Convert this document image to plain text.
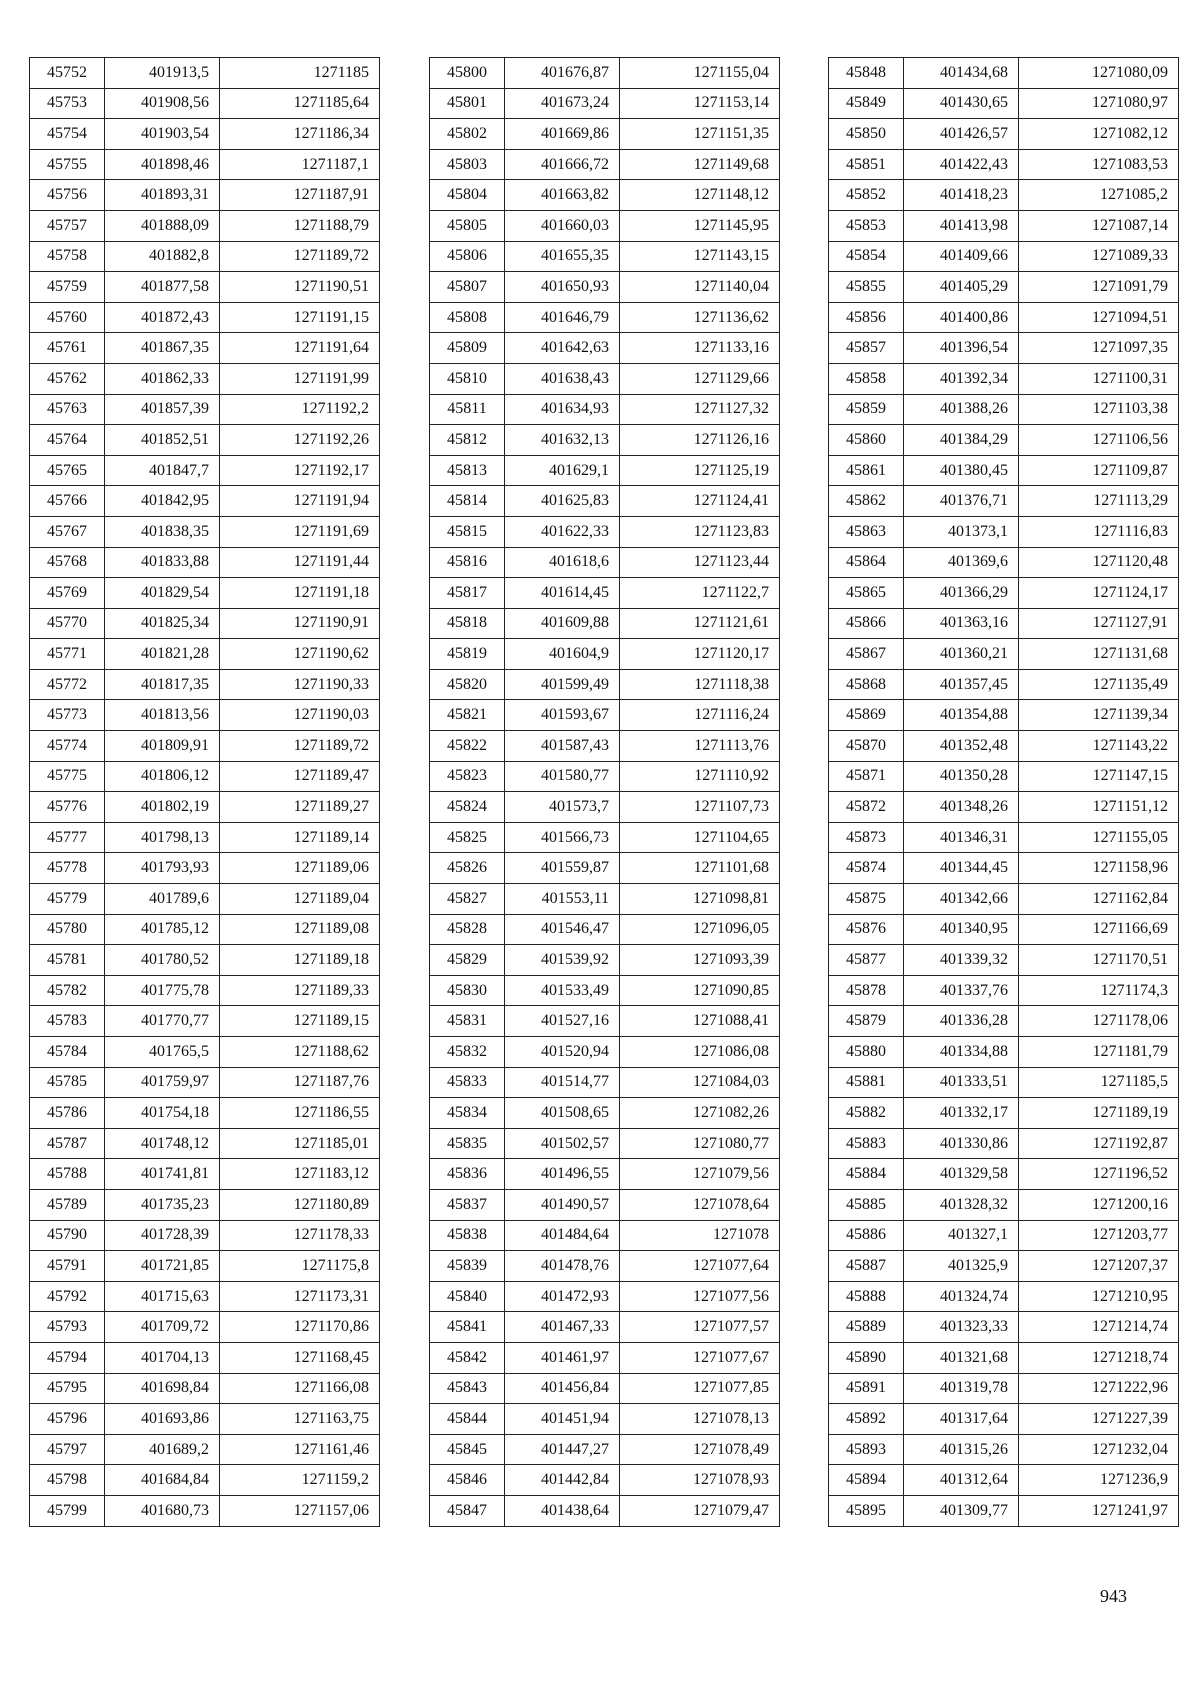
45752	401913,5	1271185
45753	401908,56	1271185,64
45754	401903,54	1271186,34
45755	401898,46	1271187,1
45756	401893,31	1271187,91
45757	401888,09	1271188,79
45758	401882,8	1271189,72
45759	401877,58	1271190,51
45760	401872,43	1271191,15
45761	401867,35	1271191,64
45762	401862,33	1271191,99
45763	401857,39	1271192,2
45764	401852,51	1271192,26
45765	401847,7	1271192,17
45766	401842,95	1271191,94
45767	401838,35	1271191,69
45768	401833,88	1271191,44
45769	401829,54	1271191,18
45770	401825,34	1271190,91
45771	401821,28	1271190,62
45772	401817,35	1271190,33
45773	401813,56	1271190,03
45774	401809,91	1271189,72
45775	401806,12	1271189,47
45776	401802,19	1271189,27
45777	401798,13	1271189,14
45778	401793,93	1271189,06
45779	401789,6	1271189,04
45780	401785,12	1271189,08
45781	401780,52	1271189,18
45782	401775,78	1271189,33
45783	401770,77	1271189,15
45784	401765,5	1271188,62
45785	401759,97	1271187,76
45786	401754,18	1271186,55
45787	401748,12	1271185,01
45788	401741,81	1271183,12
45789	401735,23	1271180,89
45790	401728,39	1271178,33
45791	401721,85	1271175,8
45792	401715,63	1271173,31
45793	401709,72	1271170,86
45794	401704,13	1271168,45
45795	401698,84	1271166,08
45796	401693,86	1271163,75
45797	401689,2	1271161,46
45798	401684,84	1271159,2
45799	401680,73	1271157,06
45800	401676,87	1271155,04
45801	401673,24	1271153,14
45802	401669,86	1271151,35
45803	401666,72	1271149,68
45804	401663,82	1271148,12
45805	401660,03	1271145,95
45806	401655,35	1271143,15
45807	401650,93	1271140,04
45808	401646,79	1271136,62
45809	401642,63	1271133,16
45810	401638,43	1271129,66
45811	401634,93	1271127,32
45812	401632,13	1271126,16
45813	401629,1	1271125,19
45814	401625,83	1271124,41
45815	401622,33	1271123,83
45816	401618,6	1271123,44
45817	401614,45	1271122,7
45818	401609,88	1271121,61
45819	401604,9	1271120,17
45820	401599,49	1271118,38
45821	401593,67	1271116,24
45822	401587,43	1271113,76
45823	401580,77	1271110,92
45824	401573,7	1271107,73
45825	401566,73	1271104,65
45826	401559,87	1271101,68
45827	401553,11	1271098,81
45828	401546,47	1271096,05
45829	401539,92	1271093,39
45830	401533,49	1271090,85
45831	401527,16	1271088,41
45832	401520,94	1271086,08
45833	401514,77	1271084,03
45834	401508,65	1271082,26
45835	401502,57	1271080,77
45836	401496,55	1271079,56
45837	401490,57	1271078,64
45838	401484,64	1271078
45839	401478,76	1271077,64
45840	401472,93	1271077,56
45841	401467,33	1271077,57
45842	401461,97	1271077,67
45843	401456,84	1271077,85
45844	401451,94	1271078,13
45845	401447,27	1271078,49
45846	401442,84	1271078,93
45847	401438,64	1271079,47
45848	401434,68	1271080,09
45849	401430,65	1271080,97
45850	401426,57	1271082,12
45851	401422,43	1271083,53
45852	401418,23	1271085,2
45853	401413,98	1271087,14
45854	401409,66	1271089,33
45855	401405,29	1271091,79
45856	401400,86	1271094,51
45857	401396,54	1271097,35
45858	401392,34	1271100,31
45859	401388,26	1271103,38
45860	401384,29	1271106,56
45861	401380,45	1271109,87
45862	401376,71	1271113,29
45863	401373,1	1271116,83
45864	401369,6	1271120,48
45865	401366,29	1271124,17
45866	401363,16	1271127,91
45867	401360,21	1271131,68
45868	401357,45	1271135,49
45869	401354,88	1271139,34
45870	401352,48	1271143,22
45871	401350,28	1271147,15
45872	401348,26	1271151,12
45873	401346,31	1271155,05
45874	401344,45	1271158,96
45875	401342,66	1271162,84
45876	401340,95	1271166,69
45877	401339,32	1271170,51
45878	401337,76	1271174,3
45879	401336,28	1271178,06
45880	401334,88	1271181,79
45881	401333,51	1271185,5
45882	401332,17	1271189,19
45883	401330,86	1271192,87
45884	401329,58	1271196,52
45885	401328,32	1271200,16
45886	401327,1	1271203,77
45887	401325,9	1271207,37
45888	401324,74	1271210,95
45889	401323,33	1271214,74
45890	401321,68	1271218,74
45891	401319,78	1271222,96
45892	401317,64	1271227,39
45893	401315,26	1271232,04
45894	401312,64	1271236,9
45895	401309,77	1271241,97
943
